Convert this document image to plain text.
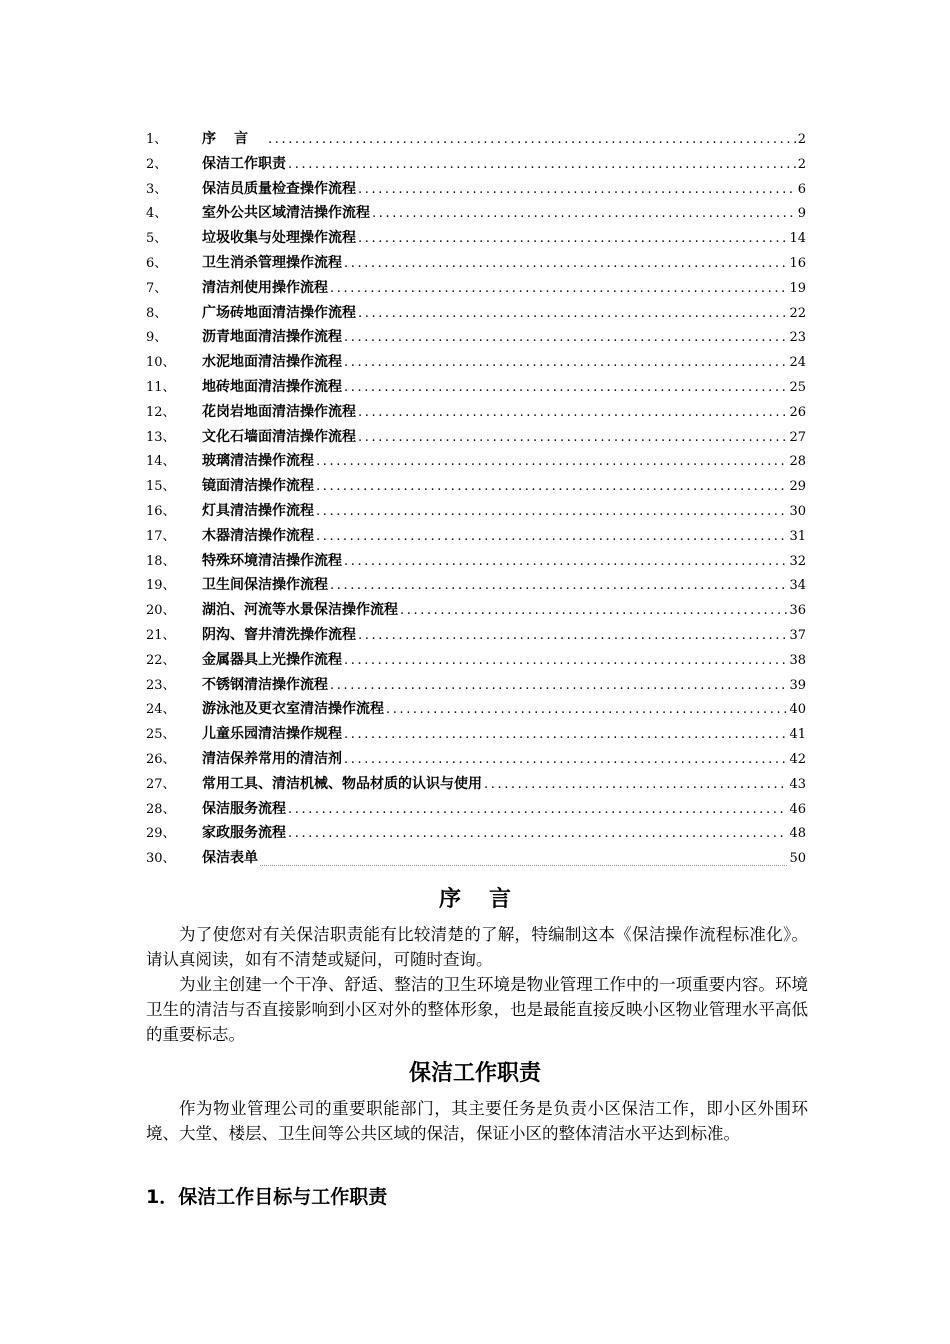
1、	序言 .....	2
2、	保洁工作职责 .....	2
3、	保洁员质量检查操作流程 .....	6
4、	室外公共区域清洁操作流程 .....	9
5、	垃圾收集与处理操作流程 .....	14
6、	卫生消杀管理操作流程 .....	16
7、	清洁剂使用操作流程 .....	19
8、	广场砖地面清洁操作流程 .....	22
9、	沥青地面清洁操作流程 .....	23
10、	水泥地面清洁操作流程 .....	24
11、	地砖地面清洁操作流程 .....	25
12、	花岗岩地面清洁操作流程 .....	26
13、	文化石墙面清洁操作流程 .....	27
14、	玻璃清洁操作流程 .....	28
15、	镜面清洁操作流程 .....	29
16、	灯具清洁操作流程 .....	30
17、	木器清洁操作流程 .....	31
18、	特殊环境清洁操作流程 .....	32
19、	卫生间保洁操作流程 .....	34
20、	湖泊、河流等水景保洁操作流程 .....	36
21、	阴沟、窨井清洗操作流程 .....	37
22、	金属器具上光操作流程 .....	38
23、	不锈钢清洁操作流程 .....	39
24、	游泳池及更衣室清洁操作流程 .....	40
25、	儿童乐园清洁操作规程 .....	41
26、	清洁保养常用的清洁剂 .....	42
27、	常用工具、清洁机械、物品材质的认识与使用 .....	43
28、	保洁服务流程 .....	46
29、	家政服务流程 .....	48
30、	保洁表单	50
序言

为了使您对有关保洁职责能有比较清楚的了解，特编制这本《保洁操作流程标准化》。请认真阅读，如有不清楚或疑问，可随时查询。

为业主创建一个干净、舒适、整洁的卫生环境是物业管理工作中的一项重要内容。环境卫生的清洁与否直接影响到小区对外的整体形象，也是最能直接反映小区物业管理水平高低的重要标志。

保洁工作职责

作为物业管理公司的重要职能部门，其主要任务是负责小区保洁工作，即小区外围环境、大堂、楼层、卫生间等公共区域的保洁，保证小区的整体清洁水平达到标准。

1．保洁工作目标与工作职责
